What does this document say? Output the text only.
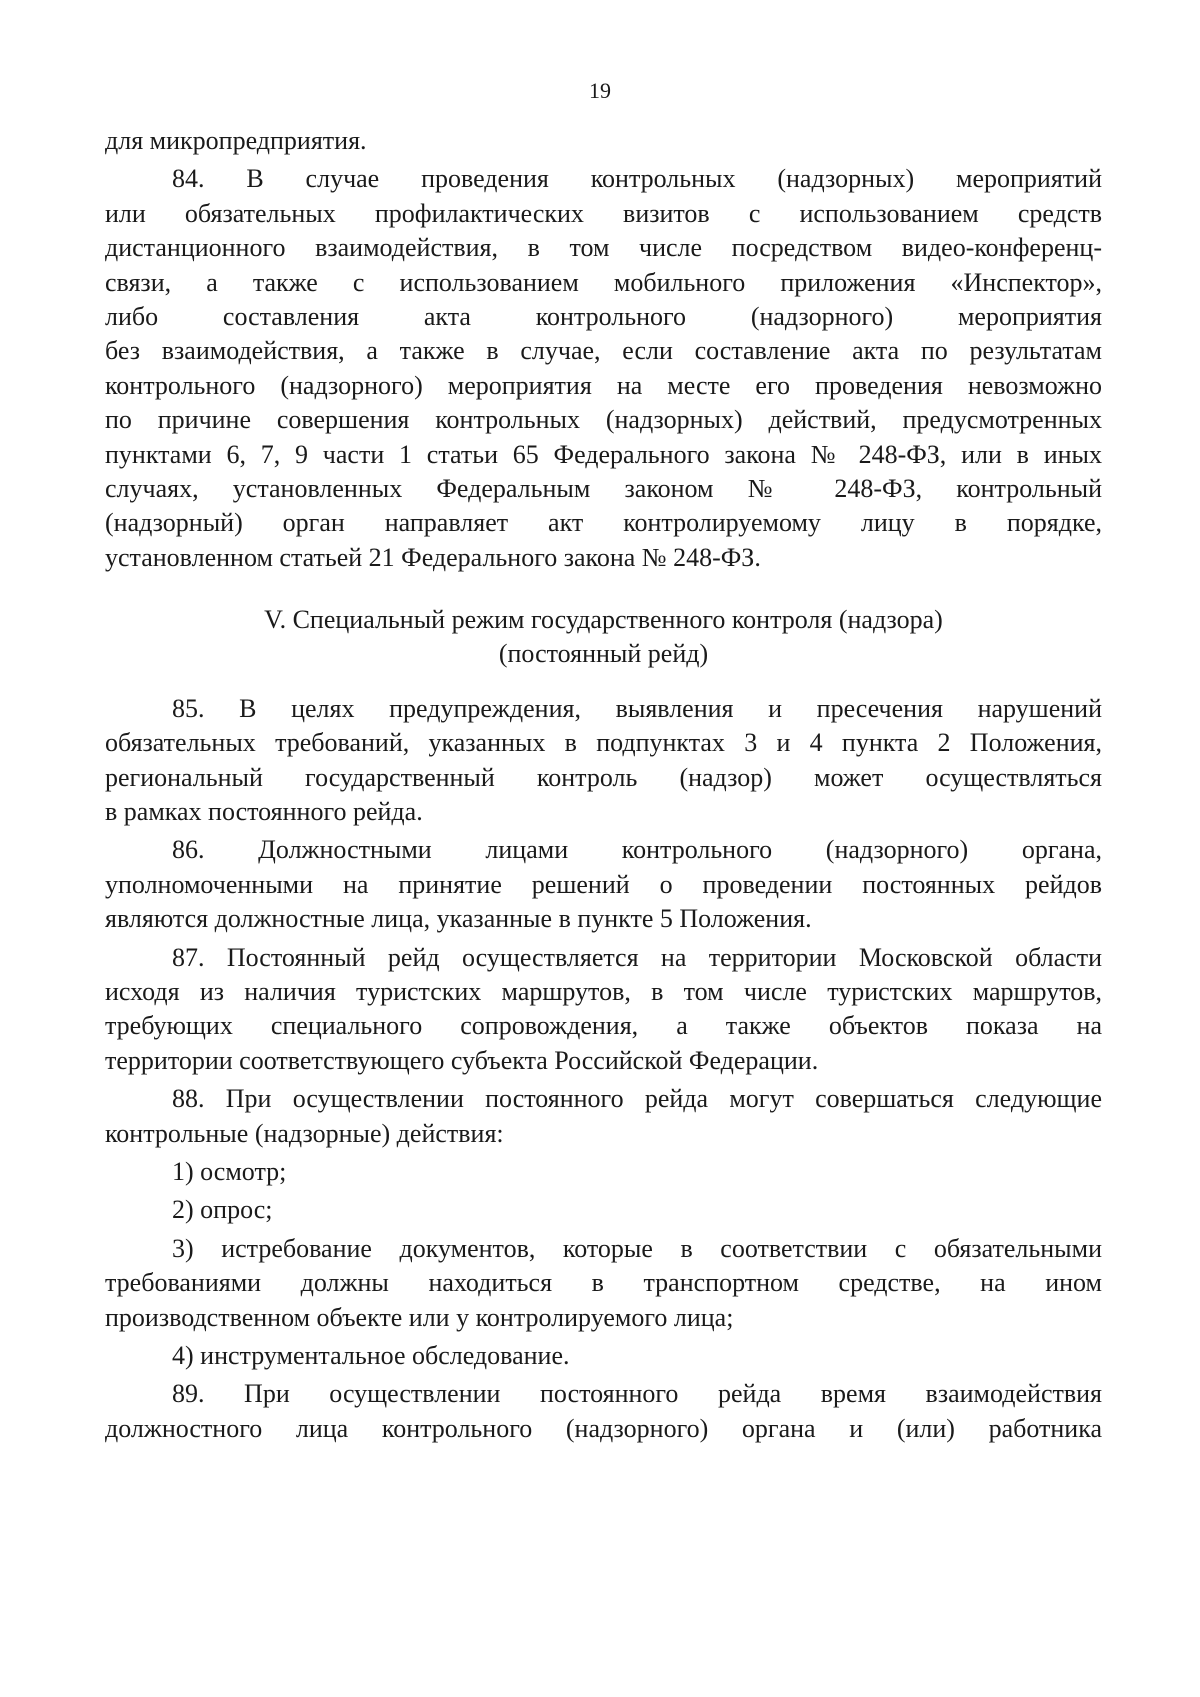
19
для микропредприятия.
84. В случае проведения контрольных (надзорных) мероприятий
или обязательных профилактических визитов с использованием средств
дистанционного взаимодействия, в том числе посредством видео-конференц-
связи, а также с использованием мобильного приложения «Инспектор»,
либо составления акта контрольного (надзорного) мероприятия
без взаимодействия, а также в случае, если составление акта по результатам
контрольного (надзорного) мероприятия на месте его проведения невозможно
по причине совершения контрольных (надзорных) действий, предусмотренных
пунктами 6, 7, 9 части 1 статьи 65 Федерального закона № 248-ФЗ, или в иных
случаях, установленных Федеральным законом № 248-ФЗ, контрольный
(надзорный) орган направляет акт контролируемому лицу в порядке,
установленном статьей 21 Федерального закона № 248-ФЗ.
V. Специальный режим государственного контроля (надзора)
(постоянный рейд)
85. В целях предупреждения, выявления и пресечения нарушений
обязательных требований, указанных в подпунктах 3 и 4 пункта 2 Положения,
региональный государственный контроль (надзор) может осуществляться
в рамках постоянного рейда.
86. Должностными лицами контрольного (надзорного) органа,
уполномоченными на принятие решений о проведении постоянных рейдов
являются должностные лица, указанные в пункте 5 Положения.
87. Постоянный рейд осуществляется на территории Московской области
исходя из наличия туристских маршрутов, в том числе туристских маршрутов,
требующих специального сопровождения, а также объектов показа на
территории соответствующего субъекта Российской Федерации.
88. При осуществлении постоянного рейда могут совершаться следующие
контрольные (надзорные) действия:
1) осмотр;
2) опрос;
3) истребование документов, которые в соответствии с обязательными
требованиями должны находиться в транспортном средстве, на ином
производственном объекте или у контролируемого лица;
4) инструментальное обследование.
89. При осуществлении постоянного рейда время взаимодействия
должностного лица контрольного (надзорного) органа и (или) работника
